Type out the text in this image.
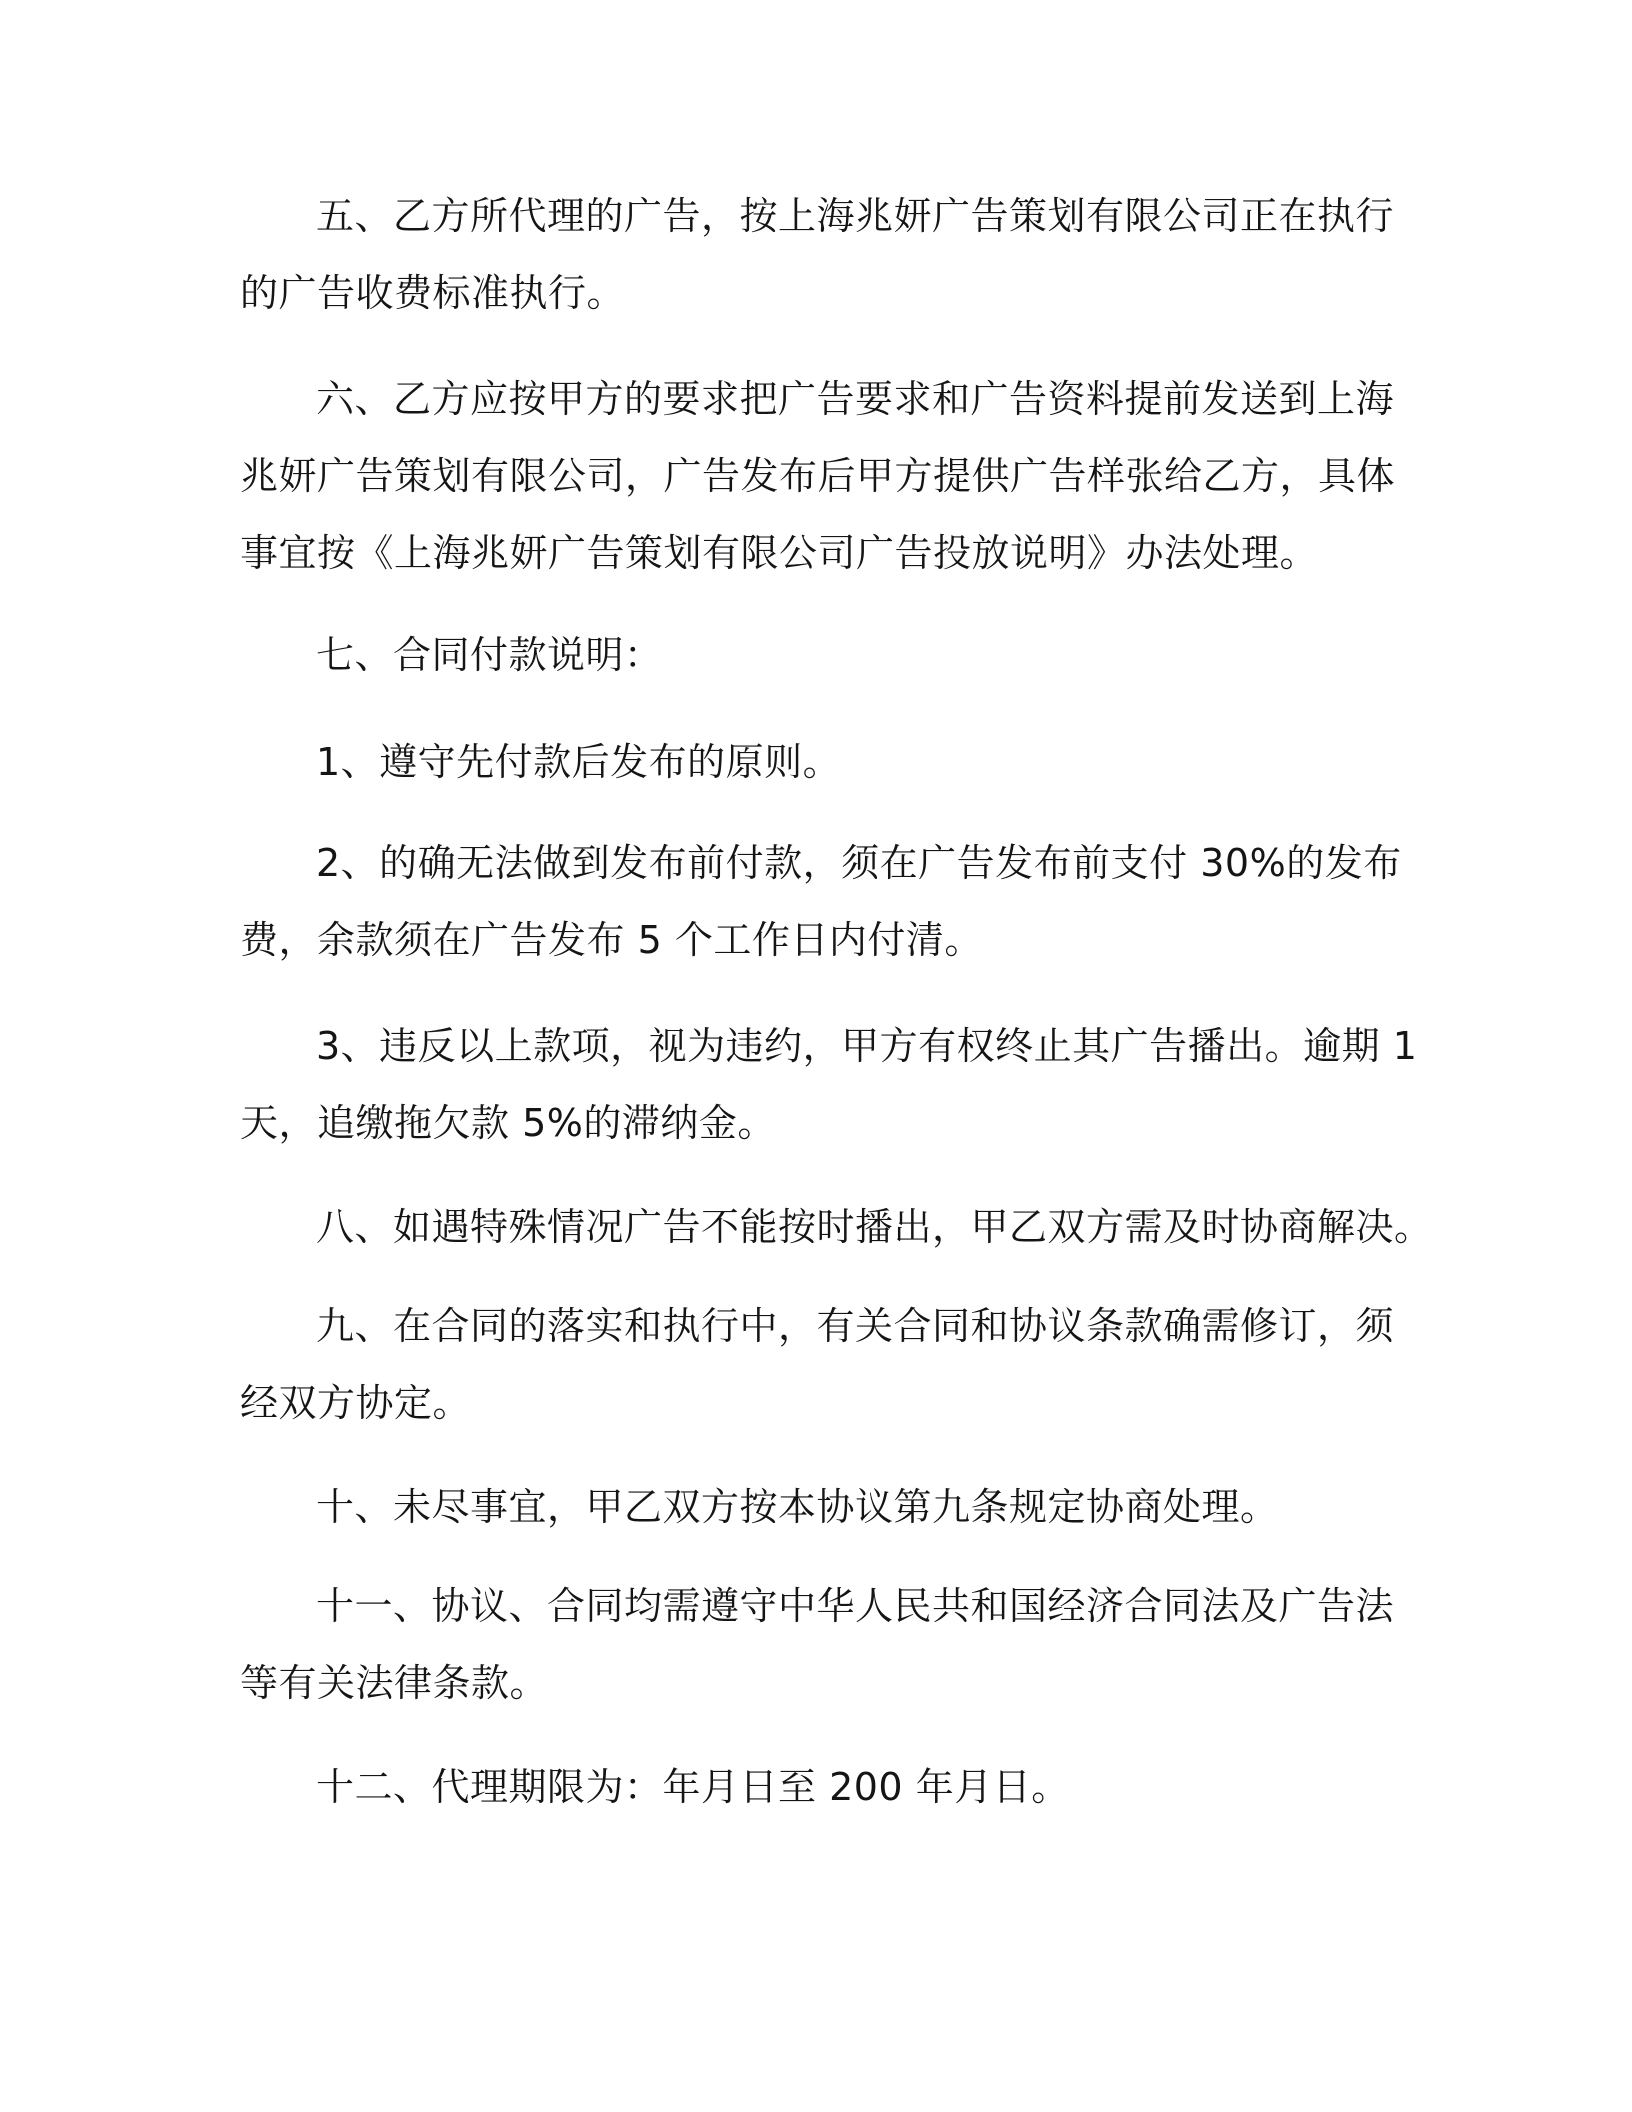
五、乙方所代理的广告，按上海兆妍广告策划有限公司正在执行
的广告收费标准执行。

六、乙方应按甲方的要求把广告要求和广告资料提前发送到上海
兆妍广告策划有限公司，广告发布后甲方提供广告样张给乙方，具体
事宜按《上海兆妍广告策划有限公司广告投放说明》办法处理。

七、合同付款说明：

1、遵守先付款后发布的原则。

2、的确无法做到发布前付款，须在广告发布前支付 30%的发布
费，余款须在广告发布 5 个工作日内付清。

3、违反以上款项，视为违约，甲方有权终止其广告播出。逾期 1
天，追缴拖欠款 5%的滞纳金。

八、如遇特殊情况广告不能按时播出，甲乙双方需及时协商解决。

九、在合同的落实和执行中，有关合同和协议条款确需修订，须
经双方协定。

十、未尽事宜，甲乙双方按本协议第九条规定协商处理。

十一、协议、合同均需遵守中华人民共和国经济合同法及广告法
等有关法律条款。

十二、代理期限为：年月日至 200 年月日。
